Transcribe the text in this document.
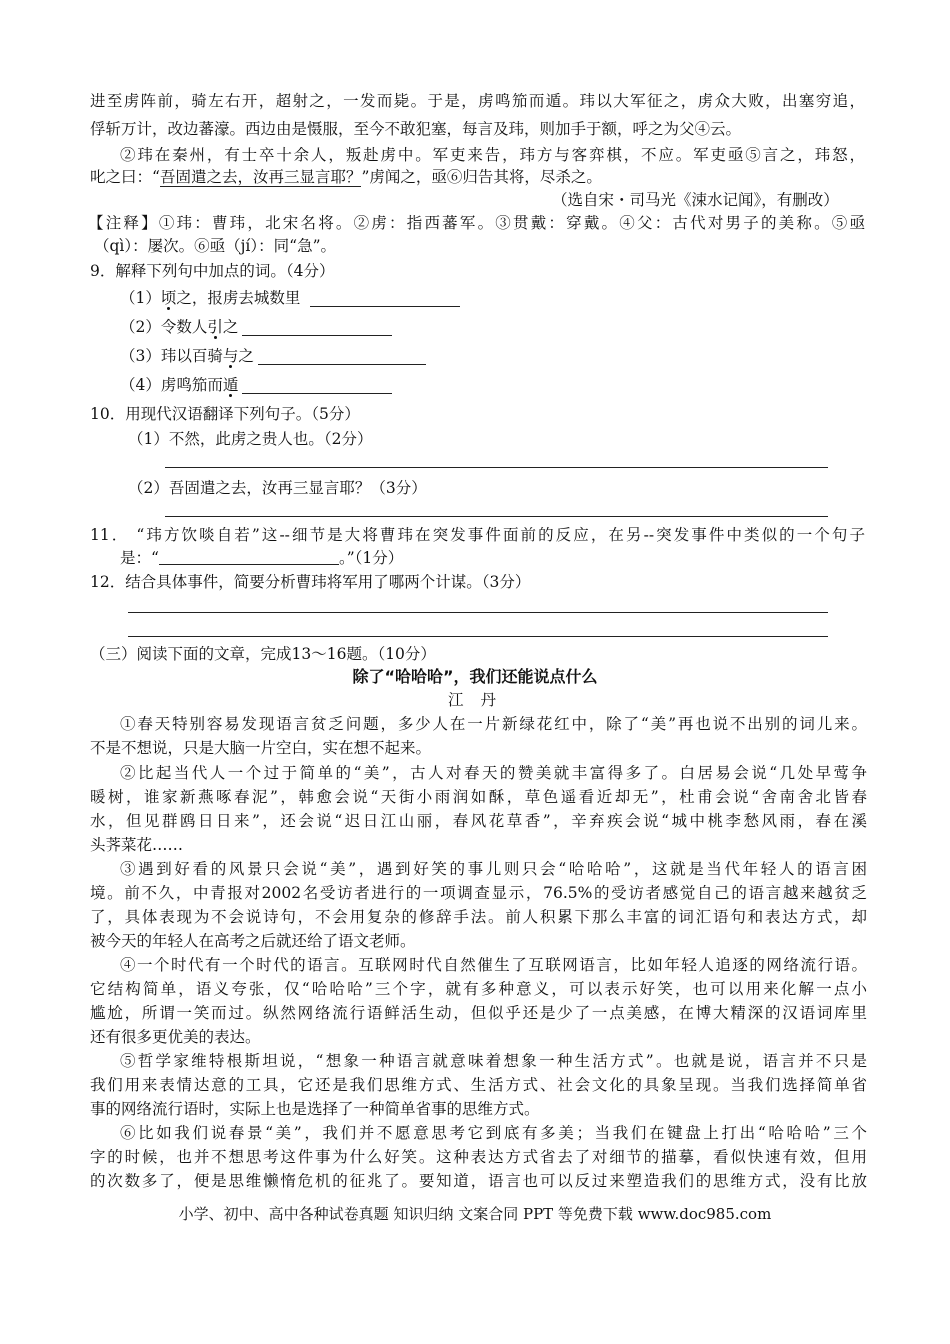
进至虏阵前，骑左右开，超射之，一发而毙。于是，虏鸣笳而遁。玮以大军征之，虏众大败，出塞穷追，
俘斩万计，改边蕃濠。西边由是慑服，至今不敢犯塞，每言及玮，则加手于额，呼之为父④云。
②玮在秦州，有士卒十余人，叛赴虏中。军吏来告，玮方与客弈棋，不应。军吏亟⑤言之，玮怒，
叱之曰：“吾固遣之去，汝再三显言耶？”虏闻之，亟⑥归告其将，尽杀之。
（选自宋・司马光《涑水记闻》，有删改）
【注释】①玮：曹玮，北宋名将。②虏：指西蕃军。③贯戴：穿戴。④父：古代对男子的美称。⑤亟
（qì）：屡次。⑥亟（jí）：同“急”。
9．解释下列句中加点的词。（4分）
（1）顷之，报虏去城数里
（2）令数人引之
（3）玮以百骑与之
（4）虏鸣笳而遁
10．用现代汉语翻译下列句子。（5分）
（1）不然，此虏之贵人也。（2分）
（2）吾固遣之去，汝再三显言耶？（3分）
11． “玮方饮啖自若”这--细节是大将曹玮在突发事件面前的反应，在另--突发事件中类似的一个句子
是：“	。”（1分）
12．结合具体事件，简要分析曹玮将军用了哪两个计谋。（3分）
（三）阅读下面的文章，完成13～16题。（10分）
除了“哈哈哈”，我们还能说点什么
江 丹
①春天特别容易发现语言贫乏问题，多少人在一片新绿花红中，除了“美”再也说不出别的词儿来。
不是不想说，只是大脑一片空白，实在想不起来。
②比起当代人一个过于简单的“美”，古人对春天的赞美就丰富得多了。白居易会说“几处早莺争
暖树，谁家新燕啄春泥”，韩愈会说“天街小雨润如酥，草色遥看近却无”，杜甫会说“舍南舍北皆春
水，但见群鸥日日来”，还会说“迟日江山丽，春风花草香”，辛弃疾会说“城中桃李愁风雨，春在溪
头荠菜花……
③遇到好看的风景只会说“美”，遇到好笑的事儿则只会“哈哈哈”，这就是当代年轻人的语言困
境。前不久，中青报对2002名受访者进行的一项调查显示，76.5%的受访者感觉自己的语言越来越贫乏
了，具体表现为不会说诗句，不会用复杂的修辞手法。前人积累下那么丰富的词汇语句和表达方式，却
被今天的年轻人在高考之后就还给了语文老师。
④一个时代有一个时代的语言。互联网时代自然催生了互联网语言，比如年轻人追逐的网络流行语。
它结构简单，语义夸张，仅“哈哈哈”三个字，就有多种意义，可以表示好笑，也可以用来化解一点小
尴尬，所谓一笑而过。纵然网络流行语鲜活生动，但似乎还是少了一点美感，在博大精深的汉语词库里
还有很多更优美的表达。
⑤哲学家维特根斯坦说，“想象一种语言就意味着想象一种生活方式”。也就是说，语言并不只是
我们用来表情达意的工具，它还是我们思维方式、生活方式、社会文化的具象呈现。当我们选择简单省
事的网络流行语时，实际上也是选择了一种简单省事的思维方式。
⑥比如我们说春景“美”，我们并不愿意思考它到底有多美；当我们在键盘上打出“哈哈哈”三个
字的时候，也并不想思考这件事为什么好笑。这种表达方式省去了对细节的描摹，看似快速有效，但用
的次数多了，便是思维懒惰危机的征兆了。要知道，语言也可以反过来塑造我们的思维方式，没有比放
小学、初中、高中各种试卷真题 知识归纳 文案合同 PPT 等免费下载 www.doc985.com
